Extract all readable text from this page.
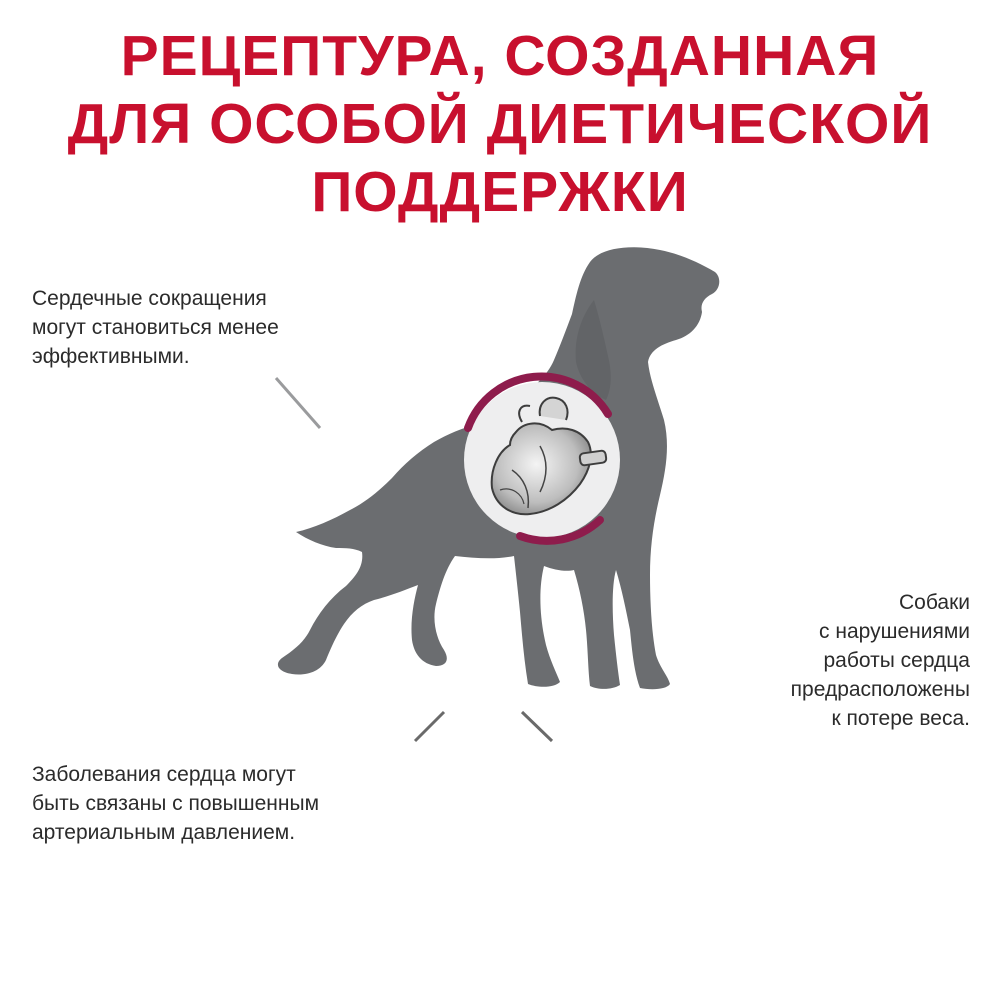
РЕЦЕПТУРА, СОЗДАННАЯ
ДЛЯ ОСОБОЙ ДИЕТИЧЕСКОЙ
ПОДДЕРЖКИ
Сердечные сокращения
могут становиться менее
эффективными.
Собаки
с нарушениями
работы сердца
предрасположены
к потере веса.
Заболевания сердца могут
быть связаны с повышенным
артериальным давлением.
